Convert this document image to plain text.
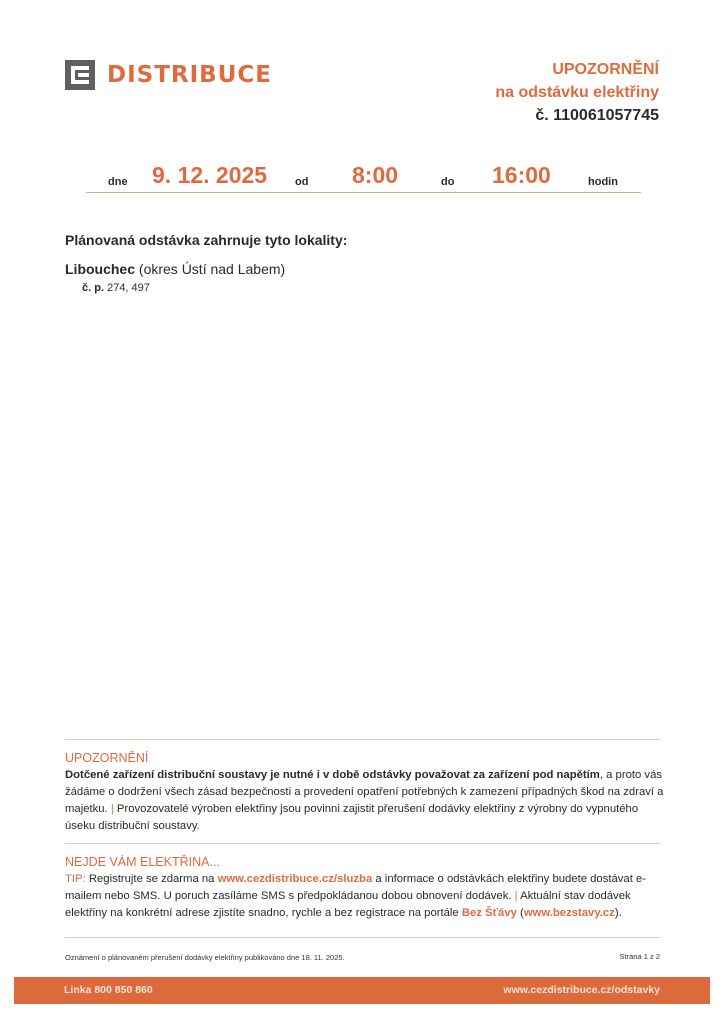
DISTRIBUCE	UPOZORNĚNÍ
na odstávku elektřiny
č. 110061057745
dne 9. 12. 2025	od 8:00	do 16:00	hodin
Plánovaná odstávka zahrnuje tyto lokality:
Libouchec (okres Ústí nad Labem)
č. p. 274, 497
UPOZORNĚNÍ
Dotčené zařízení distribuční soustavy je nutné i v době odstávky považovat za zařízení pod napětím, a proto vás žádáme o dodržení všech zásad bezpečnosti a provedení opatření potřebných k zamezení případných škod na zdraví a majetku. | Provozovatelé výroben elektřiny jsou povinni zajistit přerušení dodávky elektřiny z výrobny do vypnutého úseku distribuční soustavy.
NEJDE VÁM ELEKTŘINA...
TIP: Registrujte se zdarma na www.cezdistribuce.cz/sluzba a informace o odstávkách elektřiny budete dostávat e-mailem nebo SMS. U poruch zasíláme SMS s předpokládanou dobou obnovení dodávek. | Aktuální stav dodávek elektřiny na konkrétní adrese zjistíte snadno, rychle a bez registrace na portále Bez Šťávy (www.bezstavy.cz).
Oznámení o plánovaném přerušení dodávky elektřiny publikováno dne 18. 11. 2025.	Strana 1 z 2
Linka 800 850 860	www.cezdistribuce.cz/odstavky
